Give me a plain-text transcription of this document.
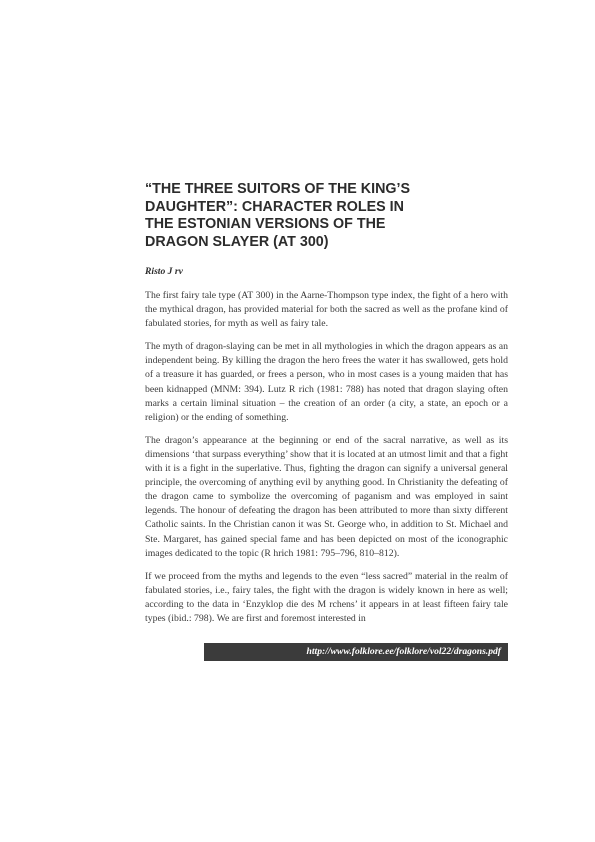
“THE THREE SUITORS OF THE KING’S
DAUGHTER”: CHARACTER ROLES IN
THE ESTONIAN VERSIONS OF THE
DRAGON SLAYER (AT 300)

Risto J rv

The first fairy tale type (AT 300) in the Aarne-Thompson type index, the fight of a hero with the mythical dragon, has provided material for both the sacred as well as the profane kind of fabulated stories, for myth as well as fairy tale.

The myth of dragon-slaying can be met in all mythologies in which the dragon appears as an independent being. By killing the dragon the hero frees the water it has swallowed, gets hold of a treasure it has guarded, or frees a person, who in most cases is a young maiden that has been kidnapped (MNM: 394). Lutz R rich (1981: 788) has noted that dragon slaying often marks a certain liminal situation – the creation of an order (a city, a state, an epoch or a religion) or the ending of something.

The dragon’s appearance at the beginning or end of the sacral narrative, as well as its dimensions ‘that surpass everything’ show that it is located at an utmost limit and that a fight with it is a fight in the superlative. Thus, fighting the dragon can signify a universal general principle, the overcoming of anything evil by anything good. In Christianity the defeating of the dragon came to symbolize the overcoming of paganism and was employed in saint legends. The honour of defeating the dragon has been attributed to more than sixty different Catholic saints. In the Christian canon it was St. George who, in addition to St. Michael and Ste. Margaret, has gained special fame and has been depicted on most of the iconographic images dedicated to the topic (R hrich 1981: 795–796, 810–812).

If we proceed from the myths and legends to the even “less sacred” material in the realm of fabulated stories, i.e., fairy tales, the fight with the dragon is widely known in here as well; according to the data in ‘Enzyklop die des M rchens’ it appears in at least fifteen fairy tale types (ibid.: 798). We are first and foremost interested in

http://www.folklore.ee/folklore/vol22/dragons.pdf
